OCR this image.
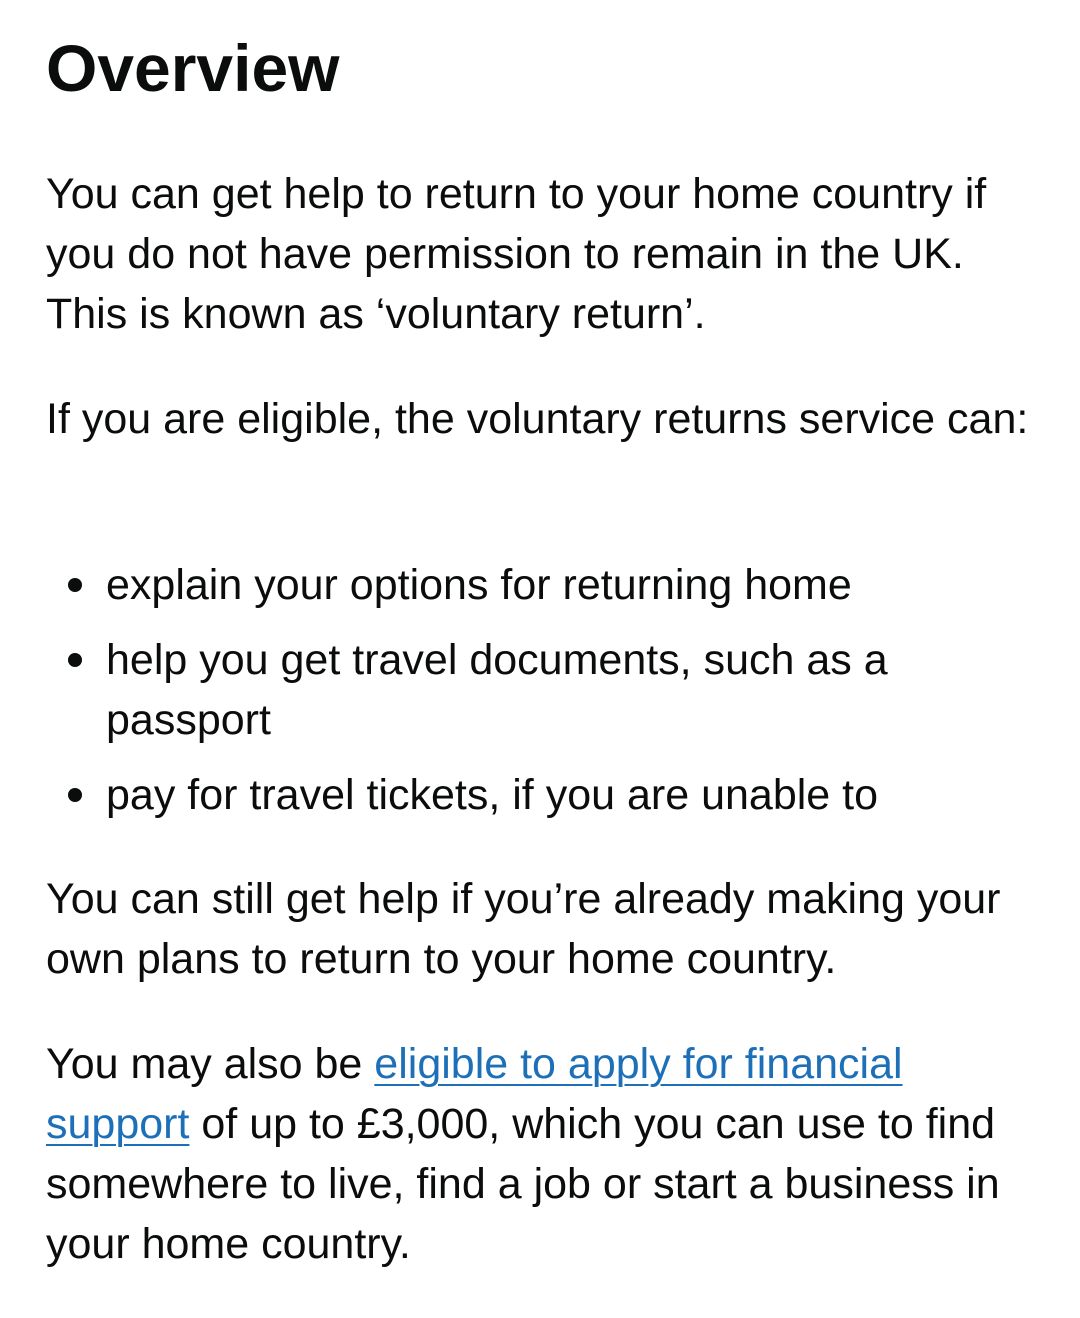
Overview

You can get help to return to your home country if you do not have permission to remain in the UK. This is known as ‘voluntary return’.

If you are eligible, the voluntary returns service can:

explain your options for returning home
help you get travel documents, such as a passport
pay for travel tickets, if you are unable to

You can still get help if you’re already making your own plans to return to your home country.

You may also be eligible to apply for financial support of up to £3,000, which you can use to find somewhere to live, find a job or start a business in your home country.
